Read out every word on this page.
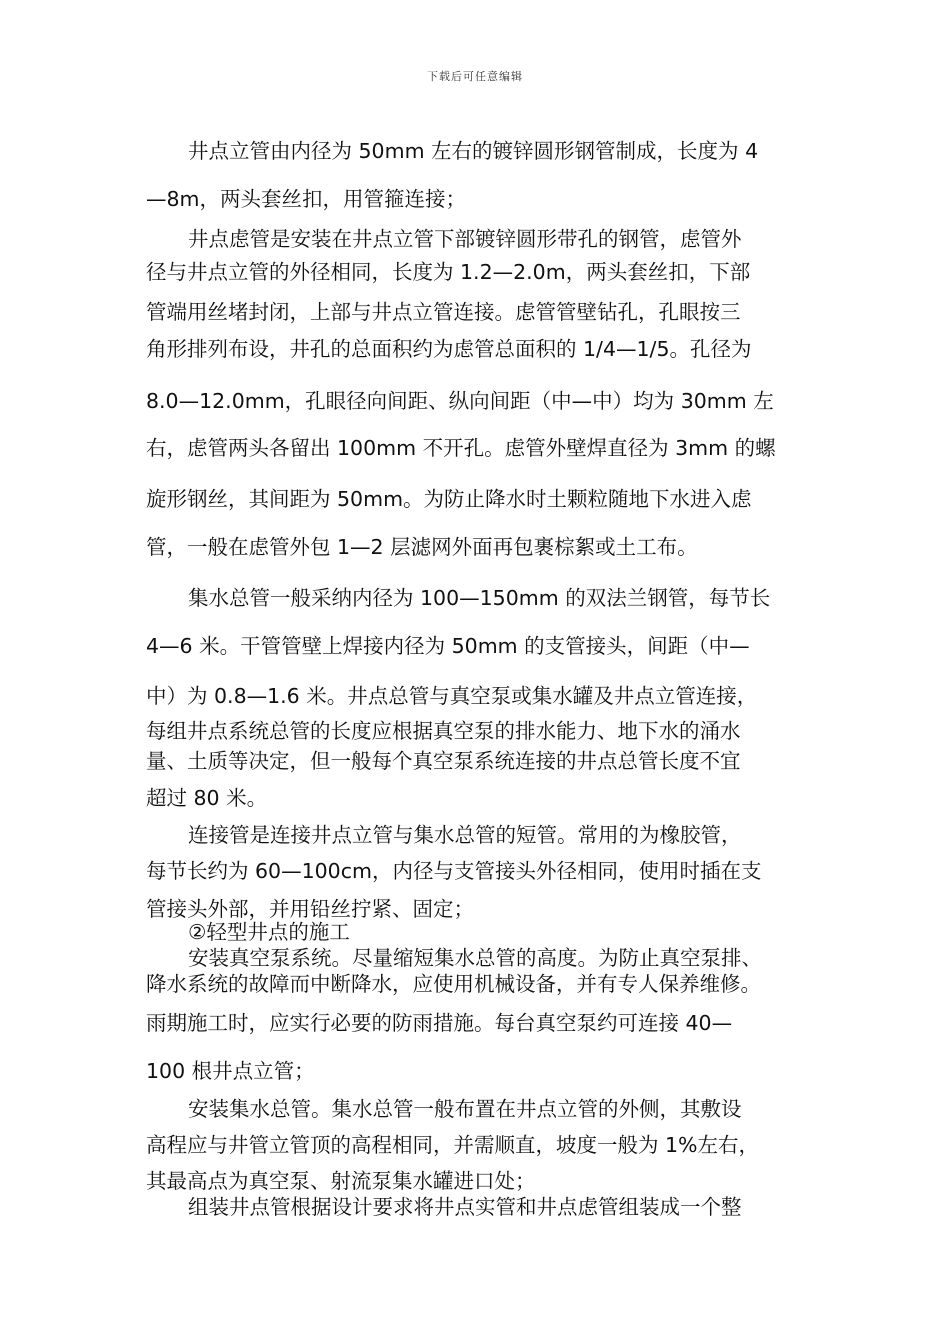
下载后可任意编辑
井点立管由内径为 50mm 左右的镀锌圆形钢管制成，长度为 4
—8m，两头套丝扣，用管箍连接；
井点虑管是安装在井点立管下部镀锌圆形带孔的钢管，虑管外
径与井点立管的外径相同，长度为 1.2—2.0m，两头套丝扣，下部
管端用丝堵封闭，上部与井点立管连接。虑管管壁钻孔，孔眼按三
角形排列布设，井孔的总面积约为虑管总面积的 1/4—1/5。孔径为
8.0—12.0mm，孔眼径向间距、纵向间距（中—中）均为 30mm 左
右，虑管两头各留出 100mm 不开孔。虑管外壁焊直径为 3mm 的螺
旋形钢丝，其间距为 50mm。为防止降水时土颗粒随地下水进入虑
管，一般在虑管外包 1—2 层滤网外面再包裹棕絮或土工布。
集水总管一般采纳内径为 100—150mm 的双法兰钢管，每节长
4—6 米。干管管壁上焊接内径为 50mm 的支管接头，间距（中—
中）为 0.8—1.6 米。井点总管与真空泵或集水罐及井点立管连接，
每组井点系统总管的长度应根据真空泵的排水能力、地下水的涌水
量、土质等决定，但一般每个真空泵系统连接的井点总管长度不宜
超过 80 米。
连接管是连接井点立管与集水总管的短管。常用的为橡胶管，
每节长约为 60—100cm，内径与支管接头外径相同，使用时插在支
管接头外部，并用铅丝拧紧、固定；
②轻型井点的施工
安装真空泵系统。尽量缩短集水总管的高度。为防止真空泵排、
降水系统的故障而中断降水，应使用机械设备，并有专人保养维修。
雨期施工时，应实行必要的防雨措施。每台真空泵约可连接 40—
100 根井点立管；
安装集水总管。集水总管一般布置在井点立管的外侧，其敷设
高程应与井管立管顶的高程相同，并需顺直，坡度一般为 1%左右，
其最高点为真空泵、射流泵集水罐进口处；
组装井点管根据设计要求将井点实管和井点虑管组装成一个整
